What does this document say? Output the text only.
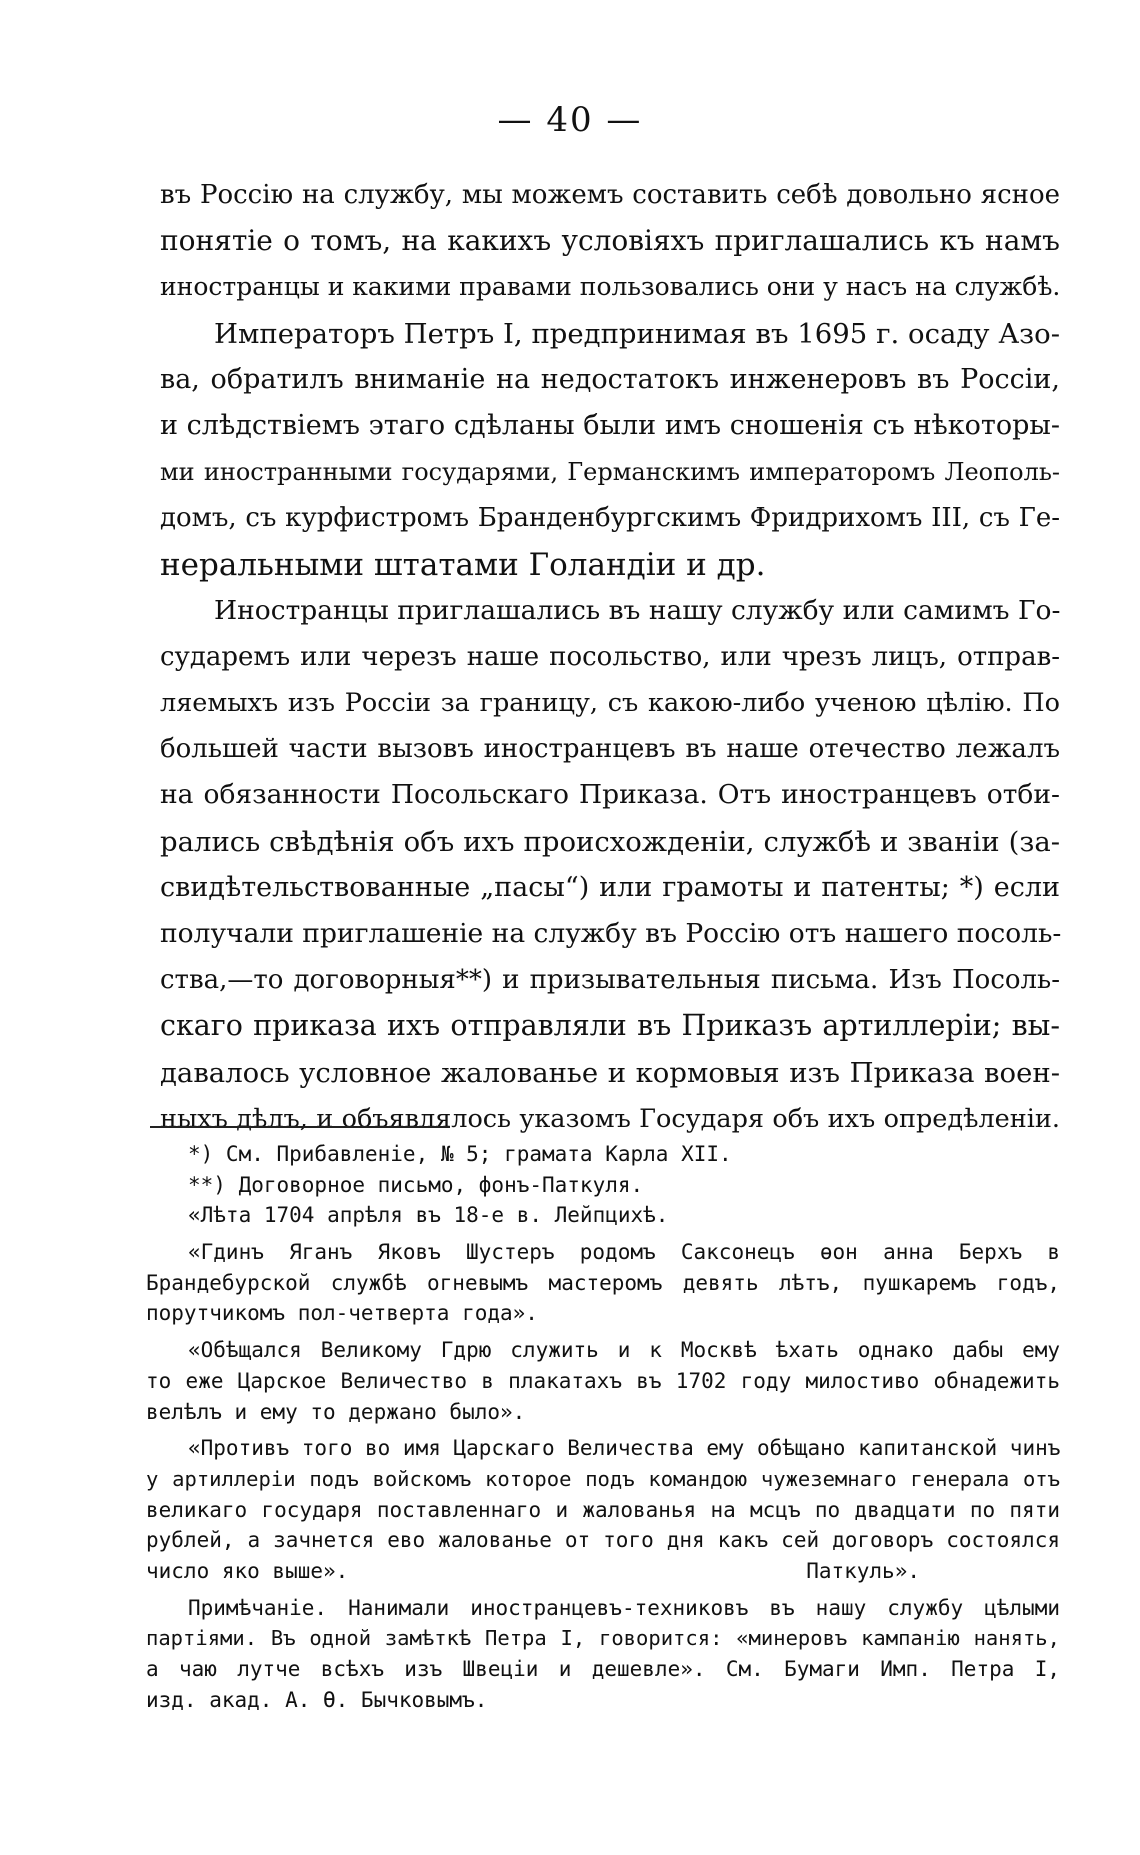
— 40 —
въ Россію на службу, мы можемъ составить себѣ довольно ясное
понятіе о томъ, на какихъ условіяхъ приглашались къ намъ
иностранцы и какими правами пользовались они у насъ на службѣ.
Императоръ Петръ I, предпринимая въ 1695 г. осаду Азо-
ва, обратилъ вниманіе на недостатокъ инженеровъ въ Россіи,
и слѣдствіемъ этаго сдѣланы были имъ сношенія съ нѣкоторы-
ми иностранными государями, Германскимъ императоромъ Леополь-
домъ, съ курфистромъ Бранденбургскимъ Фридрихомъ III, съ Ге-
неральными штатами Голандіи и др.
Иностранцы приглашались въ нашу службу или самимъ Го-
сударемъ или черезъ наше посольство, или чрезъ лицъ, отправ-
ляемыхъ изъ Россіи за границу, съ какою-либо ученою цѣлію. По
большей части вызовъ иностранцевъ въ наше отечество лежалъ
на обязанности Посольскаго Приказа. Отъ иностранцевъ отби-
рались свѣдѣнія объ ихъ происхожденіи, службѣ и званіи (за-
свидѣтельствованные „пасы“) или грамоты и патенты; *) если
получали приглашеніе на службу въ Россію отъ нашего посоль-
ства,—то договорныя**) и призывательныя письма. Изъ Посоль-
скаго приказа ихъ отправляли въ Приказъ артиллеріи; вы-
давалось условное жалованье и кормовыя изъ Приказа воен-
ныхъ дѣлъ, и объявлялось указомъ Государя объ ихъ опредѣленіи.
*) См. Прибавленіе, № 5; грамата Карла XII.
**) Договорное письмо, фонъ-Паткуля.
«Лѣта 1704 апрѣля въ 18-е в. Лейпцихѣ.
«Гдинъ Яганъ Яковъ Шустеръ родомъ Саксонецъ ѳон анна Берхъ в
Брандебурской службѣ огневымъ мастеромъ девять лѣтъ, пушкаремъ годъ,
порутчикомъ пол-четверта года».
«Обѣщался Великому Гдрю служить и к Москвѣ ѣхать однако дабы ему
то еже Царское Величество в плакатахъ въ 1702 году милостиво обнадежить
велѣлъ и ему то держано было».
«Противъ того во имя Царскаго Величества ему обѣщано капитанской чинъ
у артиллеріи подъ войскомъ которое подъ командою чужеземнаго генерала отъ
великаго государя поставленнаго и жалованья на мсцъ по двадцати по пяти
рублей, а зачнется ево жалованье от того дня какъ сей договоръ состоялся
число яко выше».	Паткуль».
Примѣчаніе. Нанимали иностранцевъ-техниковъ въ нашу службу цѣлыми
партіями. Въ одной замѣткѣ Петра I, говорится: «минеровъ кампанію нанять,
а чаю лутче всѣхъ изъ Швеціи и дешевле». См. Бумаги Имп. Петра I,
изд. акад. А. Ѳ. Бычковымъ.
